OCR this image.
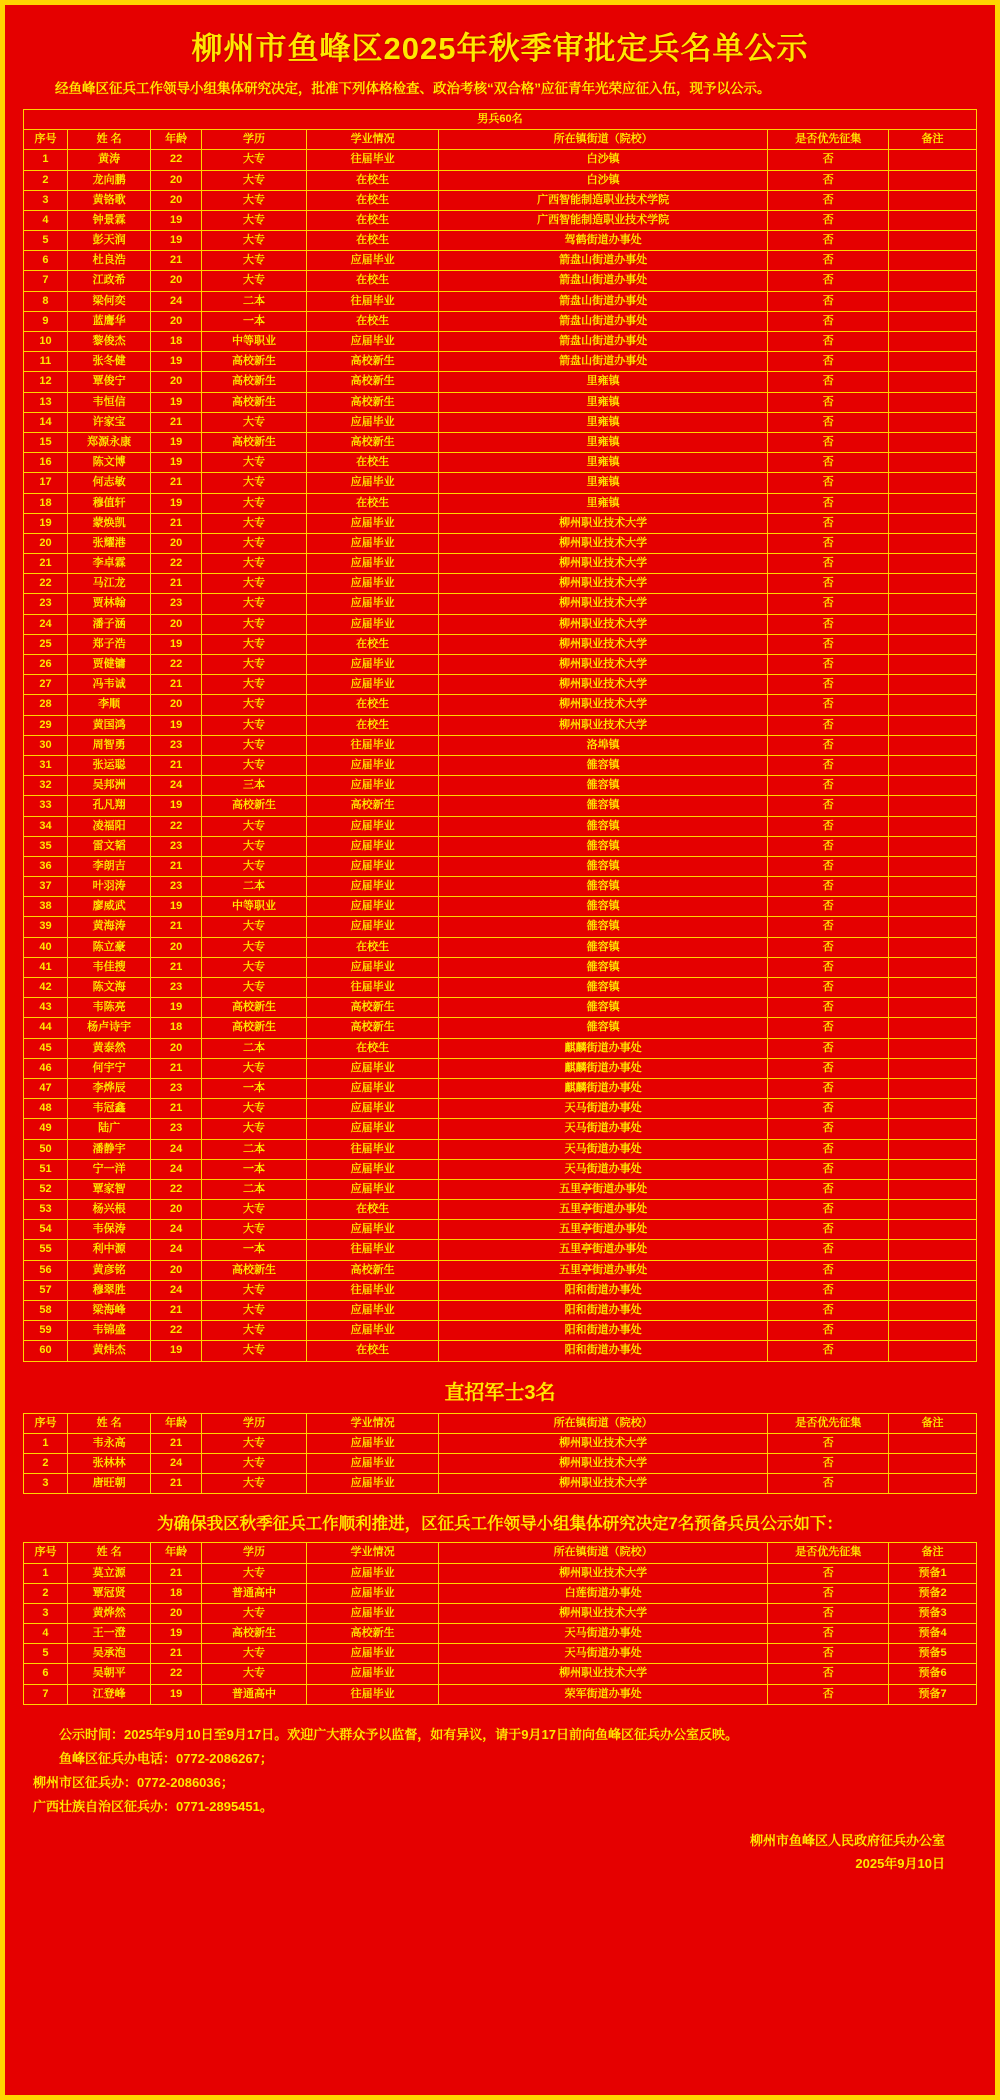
柳州市鱼峰区2025年秋季审批定兵名单公示
经鱼峰区征兵工作领导小组集体研究决定，批准下列体格检查、政治考核“双合格”应征青年光荣应征入伍，现予以公示。
男兵60名							
序号	姓 名	年龄	学历	学业情况	所在镇街道（院校）	是否优先征集	备注
1	黄涛	22	大专	往届毕业	白沙镇	否	
2	龙向鹏	20	大专	在校生	白沙镇	否	
3	黄铬歌	20	大专	在校生	广西智能制造职业技术学院	否	
4	钟景霖	19	大专	在校生	广西智能制造职业技术学院	否	
5	彭天润	19	大专	在校生	驾鹤街道办事处	否	
6	杜良浩	21	大专	应届毕业	箭盘山街道办事处	否	
7	江政希	20	大专	在校生	箭盘山街道办事处	否	
8	梁何奕	24	二本	往届毕业	箭盘山街道办事处	否	
9	蓝鹰华	20	一本	在校生	箭盘山街道办事处	否	
10	黎俊杰	18	中等职业	应届毕业	箭盘山街道办事处	否	
11	张冬健	19	高校新生	高校新生	箭盘山街道办事处	否	
12	覃俊宁	20	高校新生	高校新生	里雍镇	否	
13	韦恒信	19	高校新生	高校新生	里雍镇	否	
14	许家宝	21	大专	应届毕业	里雍镇	否	
15	郑源永康	19	高校新生	高校新生	里雍镇	否	
16	陈文博	19	大专	在校生	里雍镇	否	
17	何志敏	21	大专	应届毕业	里雍镇	否	
18	穆值轩	19	大专	在校生	里雍镇	否	
19	蒙焕凯	21	大专	应届毕业	柳州职业技术大学	否	
20	张耀港	20	大专	应届毕业	柳州职业技术大学	否	
21	李卓霖	22	大专	应届毕业	柳州职业技术大学	否	
22	马江龙	21	大专	应届毕业	柳州职业技术大学	否	
23	贾林翰	23	大专	应届毕业	柳州职业技术大学	否	
24	潘子涵	20	大专	应届毕业	柳州职业技术大学	否	
25	郑子浩	19	大专	在校生	柳州职业技术大学	否	
26	贾健镛	22	大专	应届毕业	柳州职业技术大学	否	
27	冯韦诚	21	大专	应届毕业	柳州职业技术大学	否	
28	李顺	20	大专	在校生	柳州职业技术大学	否	
29	黄国鸿	19	大专	在校生	柳州职业技术大学	否	
30	周智勇	23	大专	往届毕业	洛埠镇	否	
31	张运聪	21	大专	应届毕业	雒容镇	否	
32	吴邦洲	24	三本	应届毕业	雒容镇	否	
33	孔凡翔	19	高校新生	高校新生	雒容镇	否	
34	凌福阳	22	大专	应届毕业	雒容镇	否	
35	雷文韬	23	大专	应届毕业	雒容镇	否	
36	李朗吉	21	大专	应届毕业	雒容镇	否	
37	叶羽涛	23	二本	应届毕业	雒容镇	否	
38	廖威武	19	中等职业	应届毕业	雒容镇	否	
39	黄海涛	21	大专	应届毕业	雒容镇	否	
40	陈立豪	20	大专	在校生	雒容镇	否	
41	韦佳搜	21	大专	应届毕业	雒容镇	否	
42	陈文海	23	大专	往届毕业	雒容镇	否	
43	韦陈亮	19	高校新生	高校新生	雒容镇	否	
44	杨卢诗宇	18	高校新生	高校新生	雒容镇	否	
45	黄泰然	20	二本	在校生	麒麟街道办事处	否	
46	何宇宁	21	大专	应届毕业	麒麟街道办事处	否	
47	李烨辰	23	一本	应届毕业	麒麟街道办事处	否	
48	韦冠鑫	21	大专	应届毕业	天马街道办事处	否	
49	陆广	23	大专	应届毕业	天马街道办事处	否	
50	潘静宇	24	二本	往届毕业	天马街道办事处	否	
51	宁一洋	24	一本	应届毕业	天马街道办事处	否	
52	覃家智	22	二本	应届毕业	五里亭街道办事处	否	
53	杨兴根	20	大专	在校生	五里亭街道办事处	否	
54	韦保涛	24	大专	应届毕业	五里亭街道办事处	否	
55	利中源	24	一本	往届毕业	五里亭街道办事处	否	
56	黄彦铭	20	高校新生	高校新生	五里亭街道办事处	否	
57	穆翠胜	24	大专	往届毕业	阳和街道办事处	否	
58	梁海峰	21	大专	应届毕业	阳和街道办事处	否	
59	韦锦盛	22	大专	应届毕业	阳和街道办事处	否	
60	黄炜杰	19	大专	在校生	阳和街道办事处	否	
直招军士3名
序号	姓 名	年龄	学历	学业情况	所在镇街道（院校）	是否优先征集	备注
1	韦永高	21	大专	应届毕业	柳州职业技术大学	否	
2	张林林	24	大专	应届毕业	柳州职业技术大学	否	
3	唐旺朝	21	大专	应届毕业	柳州职业技术大学	否	
为确保我区秋季征兵工作顺利推进，区征兵工作领导小组集体研究决定7名预备兵员公示如下：
序号	姓 名	年龄	学历	学业情况	所在镇街道（院校）	是否优先征集	备注
1	莫立源	21	大专	应届毕业	柳州职业技术大学	否	预备1
2	覃冠贤	18	普通高中	应届毕业	白莲街道办事处	否	预备2
3	黄烨然	20	大专	应届毕业	柳州职业技术大学	否	预备3
4	王一澄	19	高校新生	高校新生	天马街道办事处	否	预备4
5	吴承泡	21	大专	应届毕业	天马街道办事处	否	预备5
6	吴朝平	22	大专	应届毕业	柳州职业技术大学	否	预备6
7	江登峰	19	普通高中	往届毕业	荣军街道办事处	否	预备7
公示时间：2025年9月10日至9月17日。欢迎广大群众予以监督，如有异议，请于9月17日前向鱼峰区征兵办公室反映。
鱼峰区征兵办电话：0772-2086267；
柳州市区征兵办：0772-2086036；
广西壮族自治区征兵办：0771-2895451。
柳州市鱼峰区人民政府征兵办公室
2025年9月10日
